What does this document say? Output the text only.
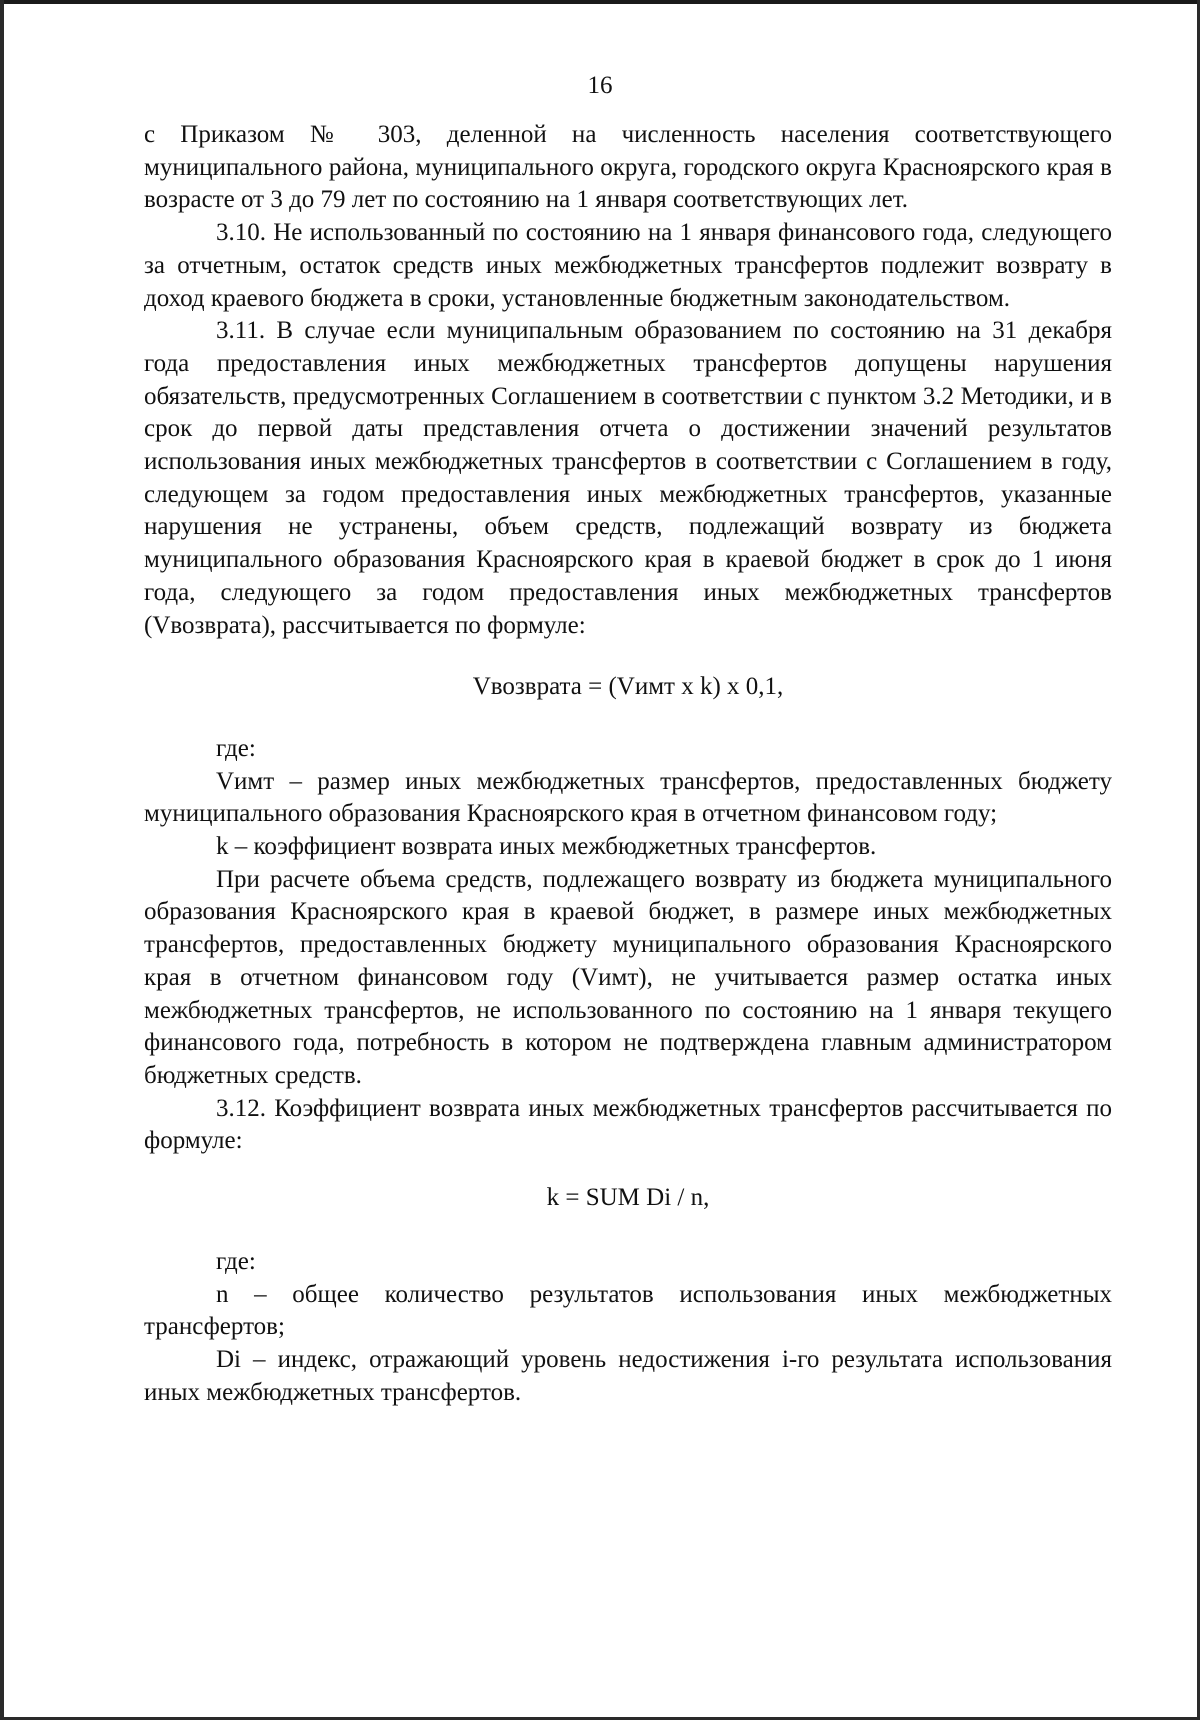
16

с Приказом № 303, деленной на численность населения соответствующего муниципального района, муниципального округа, городского округа Красноярского края в возрасте от 3 до 79 лет по состоянию на 1 января соответствующих лет.

3.10. Не использованный по состоянию на 1 января финансового года, следующего за отчетным, остаток средств иных межбюджетных трансфертов подлежит возврату в доход краевого бюджета в сроки, установленные бюджетным законодательством.

3.11. В случае если муниципальным образованием по состоянию на 31 декабря года предоставления иных межбюджетных трансфертов допущены нарушения обязательств, предусмотренных Соглашением в соответствии с пунктом 3.2 Методики, и в срок до первой даты представления отчета о достижении значений результатов использования иных межбюджетных трансфертов в соответствии с Соглашением в году, следующем за годом предоставления иных межбюджетных трансфертов, указанные нарушения не устранены, объем средств, подлежащий возврату из бюджета муниципального образования Красноярского края в краевой бюджет в срок до 1 июня года, следующего за годом предоставления иных межбюджетных трансфертов (Vвозврата), рассчитывается по формуле:

Vвозврата = (Vимт x k) x 0,1,

где:

Vимт – размер иных межбюджетных трансфертов, предоставленных бюджету муниципального образования Красноярского края в отчетном финансовом году;

k – коэффициент возврата иных межбюджетных трансфертов.

При расчете объема средств, подлежащего возврату из бюджета муниципального образования Красноярского края в краевой бюджет, в размере иных межбюджетных трансфертов, предоставленных бюджету муниципального образования Красноярского края в отчетном финансовом году (Vимт), не учитывается размер остатка иных межбюджетных трансфертов, не использованного по состоянию на 1 января текущего финансового года, потребность в котором не подтверждена главным администратором бюджетных средств.

3.12. Коэффициент возврата иных межбюджетных трансфертов рассчитывается по формуле:

k = SUM Di / n,

где:

n – общее количество результатов использования иных межбюджетных трансфертов;

Di – индекс, отражающий уровень недостижения i-го результата использования иных межбюджетных трансфертов.
